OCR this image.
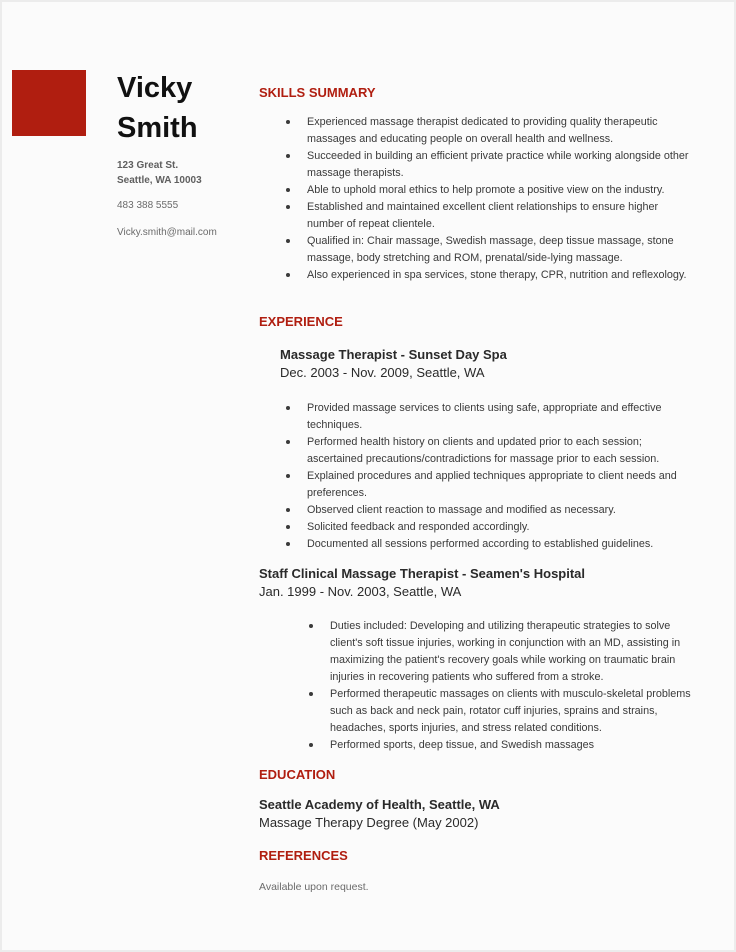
Vicky
Smith
123 Great St.
Seattle, WA 10003
483 388 5555
Vicky.smith@mail.com
SKILLS SUMMARY
Experienced massage therapist dedicated to providing quality therapeutic massages and educating people on overall health and wellness.
Succeeded in building an efficient private practice while working alongside other massage therapists.
Able to uphold moral ethics to help promote a positive view on the industry.
Established and maintained excellent client relationships to ensure higher number of repeat clientele.
Qualified in: Chair massage, Swedish massage, deep tissue massage, stone massage, body stretching and ROM, prenatal/side-lying massage.
Also experienced in spa services, stone therapy, CPR, nutrition and reflexology.
EXPERIENCE
Massage Therapist - Sunset Day Spa
Dec. 2003 - Nov. 2009, Seattle, WA
Provided massage services to clients using safe, appropriate and effective techniques.
Performed health history on clients and updated prior to each session; ascertained precautions/contradictions for massage prior to each session.
Explained procedures and applied techniques appropriate to client needs and preferences.
Observed client reaction to massage and modified as necessary.
Solicited feedback and responded accordingly.
Documented all sessions performed according to established guidelines.
Staff Clinical Massage Therapist - Seamen's Hospital
Jan. 1999 - Nov. 2003, Seattle, WA
Duties included: Developing and utilizing therapeutic strategies to solve client's soft tissue injuries, working in conjunction with an MD, assisting in maximizing the patient's recovery goals while working on traumatic brain injuries in recovering patients who suffered from a stroke.
Performed therapeutic massages on clients with musculo-skeletal problems such as back and neck pain, rotator cuff injuries, sprains and strains, headaches, sports injuries, and stress related conditions.
Performed sports, deep tissue, and Swedish massages
EDUCATION
Seattle Academy of Health, Seattle, WA
Massage Therapy Degree (May 2002)
REFERENCES
Available upon request.
